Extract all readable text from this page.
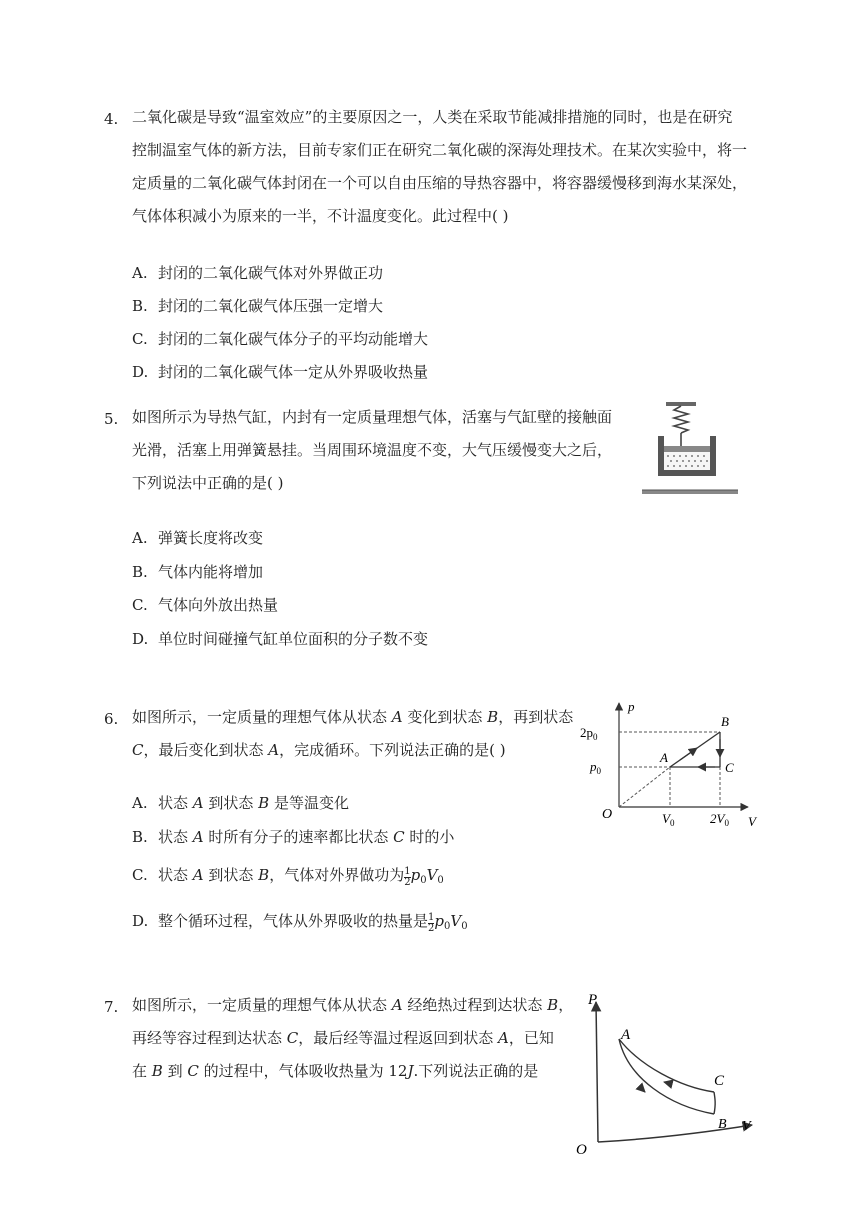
4. 二氧化碳是导致“温室效应”的主要原因之一，人类在采取节能减排措施的同时，也是在研究
控制温室气体的新方法，目前专家们正在研究二氧化碳的深海处理技术。在某次实验中，将一
定质量的二氧化碳气体封闭在一个可以自由压缩的导热容器中，将容器缓慢移到海水某深处，
气体体积减小为原来的一半，不计温度变化。此过程中( )
A. 封闭的二氧化碳气体对外界做正功
B. 封闭的二氧化碳气体压强一定增大
C. 封闭的二氧化碳气体分子的平均动能增大
D. 封闭的二氧化碳气体一定从外界吸收热量
5. 如图所示为导热气缸，内封有一定质量理想气体，活塞与气缸壁的接触面
光滑，活塞上用弹簧悬挂。当周围环境温度不变，大气压缓慢变大之后，
下列说法中正确的是( )
A. 弹簧长度将改变
B. 气体内能将增加
C. 气体向外放出热量
D. 单位时间碰撞气缸单位面积的分子数不变
6. 如图所示，一定质量的理想气体从状态 A 变化到状态 B，再到状态
C，最后变化到状态 A，完成循环。下列说法正确的是( )
A. 状态 A 到状态 B 是等温变化
B. 状态 A 时所有分子的速率都比状态 C 时的小
C. 状态 A 到状态 B，气体对外界做功为 $\frac{1}{2} p_0V_0$
D. 整个循环过程，气体从外界吸收的热量是 $\frac{1}{2} p_0V_0$
p
V
O
$2p_0$
$p_0$
$V_0$	$2V_0$
A
B
C
7. 如图所示，一定质量的理想气体从状态 A 经绝热过程到达状态 B，
再经等容过程到达状态 C，最后经等温过程返回到状态 A，已知
在 B 到 C 的过程中，气体吸收热量为 12J.下列说法正确的是
P
V
O
A
C
B
